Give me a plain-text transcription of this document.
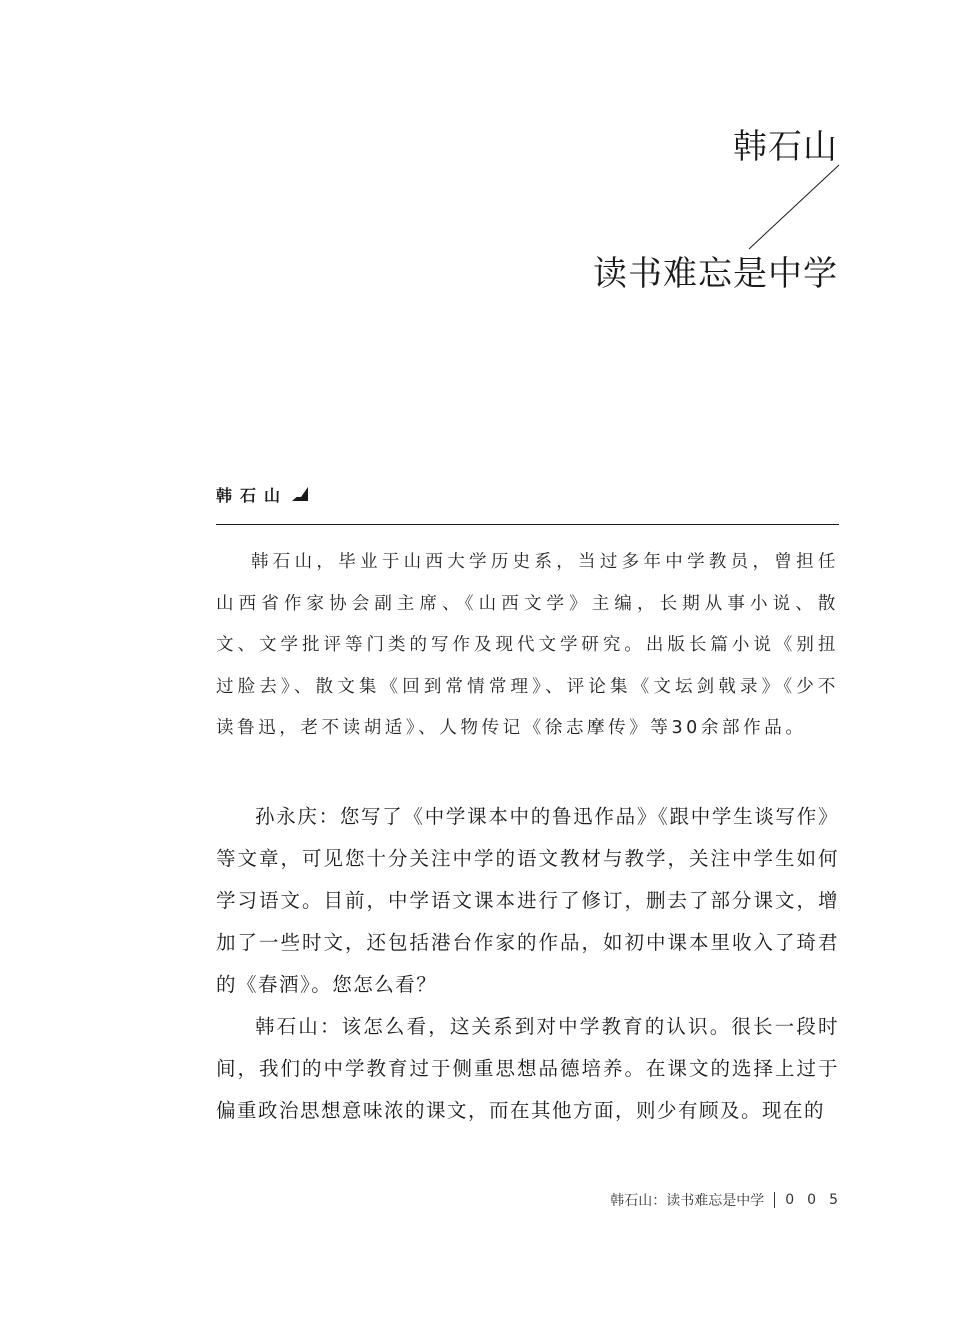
韩石山
读书难忘是中学
韩石山

韩石山，毕业于山西大学历史系，当过多年中学教员，曾担任山西省作家协会副主席、《山西文学》主编，长期从事小说、散文、文学批评等门类的写作及现代文学研究。出版长篇小说《别扭过脸去》、散文集《回到常情常理》、评论集《文坛剑戟录》《少不读鲁迅，老不读胡适》、人物传记《徐志摩传》等30余部作品。

孙永庆：您写了《中学课本中的鲁迅作品》《跟中学生谈写作》等文章，可见您十分关注中学的语文教材与教学，关注中学生如何学习语文。目前，中学语文课本进行了修订，删去了部分课文，增加了一些时文，还包括港台作家的作品，如初中课本里收入了琦君的《春酒》。您怎么看？

韩石山：该怎么看，这关系到对中学教育的认识。很长一段时间，我们的中学教育过于侧重思想品德培养。在课文的选择上过于偏重政治思想意味浓的课文，而在其他方面，则少有顾及。现在的

韩石山：读书难忘是中学 005
